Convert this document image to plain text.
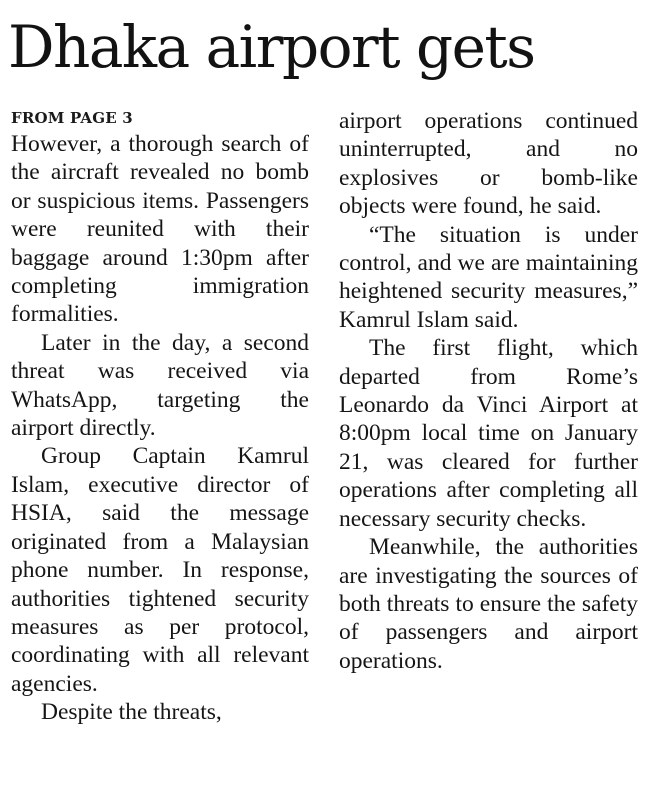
Dhaka airport gets
FROM PAGE 3

However, a thorough search of the aircraft revealed no bomb or suspicious items. Passengers were reunited with their baggage around 1:30pm after completing immigration formalities.

Later in the day, a second threat was received via WhatsApp, targeting the airport directly.

Group Captain Kamrul Islam, executive director of HSIA, said the message originated from a Malaysian phone number. In response, authorities tightened security measures as per protocol, coordinating with all relevant agencies.

Despite the threats,

airport operations continued uninterrupted, and no explosives or bomb-like objects were found, he said.

“The situation is under control, and we are maintaining heightened security measures,” Kamrul Islam said.

The first flight, which departed from Rome’s Leonardo da Vinci Airport at 8:00pm local time on January 21, was cleared for further operations after completing all necessary security checks.

Meanwhile, the authorities are investigating the sources of both threats to ensure the safety of passengers and airport operations.
